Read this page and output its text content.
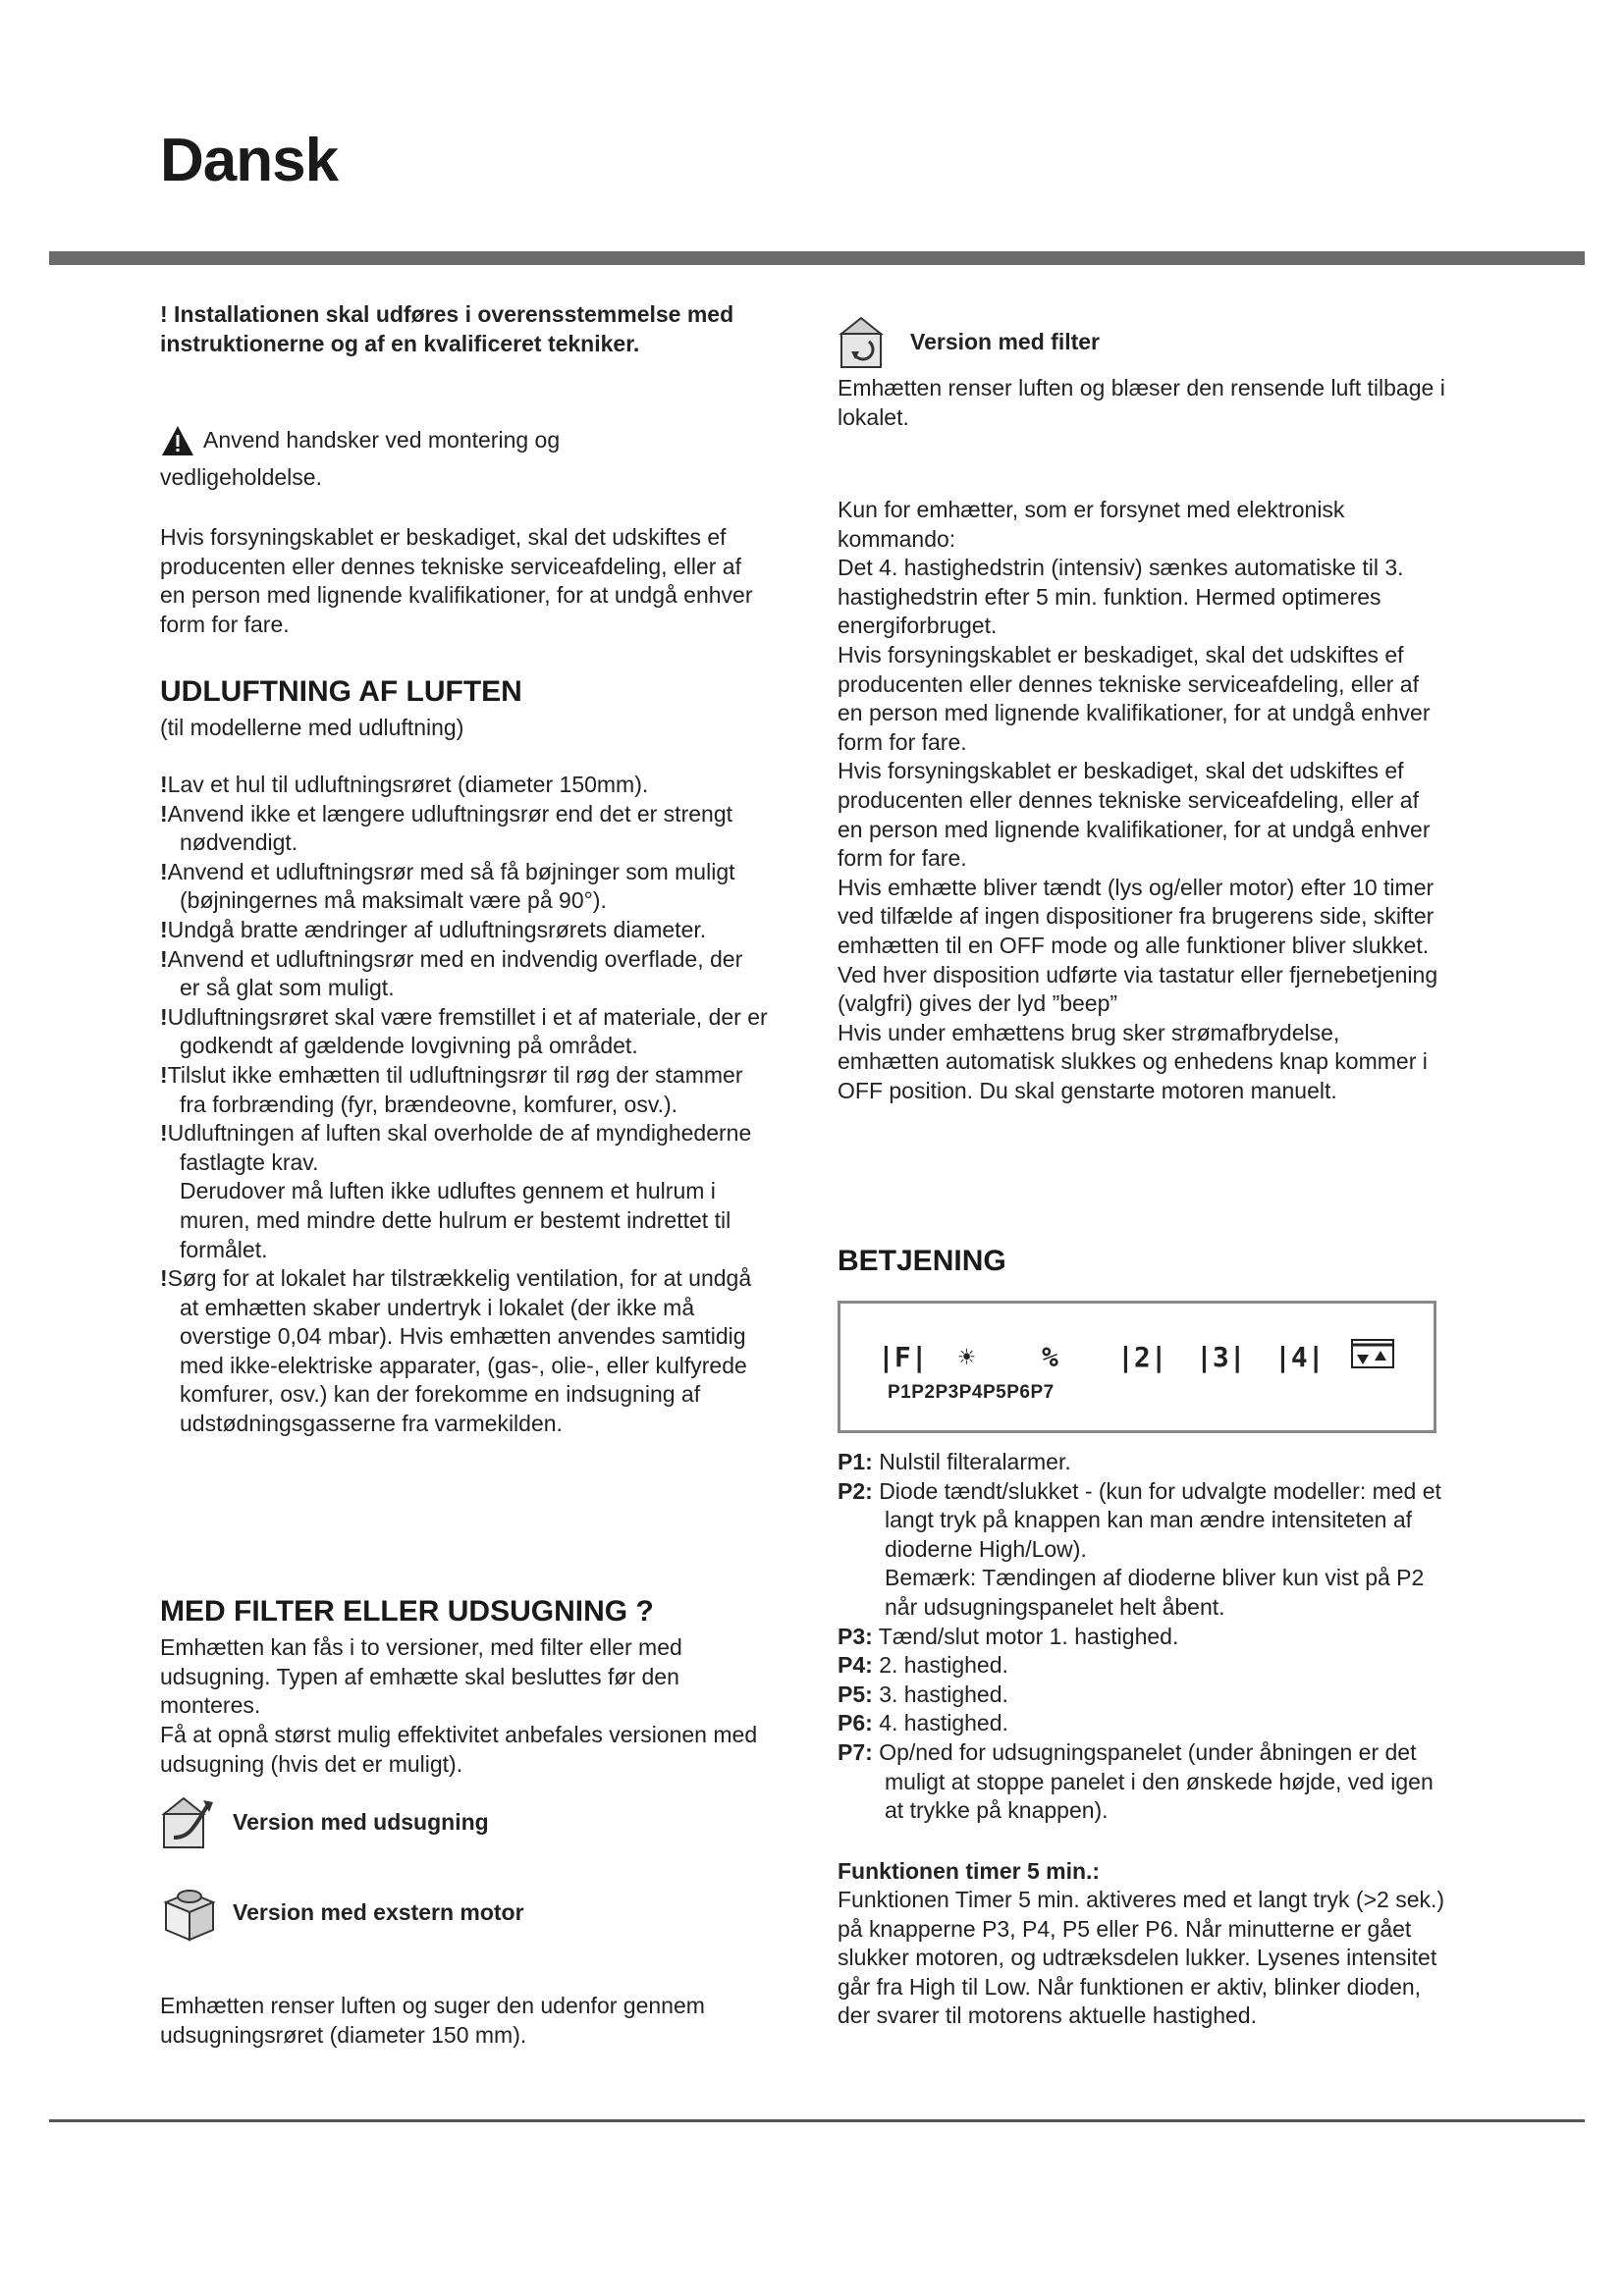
Dansk

! Installationen skal udføres i overensstemmelse med instruktionerne og af en kvalificeret tekniker.

Anvend handsker ved montering og

vedligeholdelse.

Hvis forsyningskablet er beskadiget, skal det udskiftes ef producenten eller dennes tekniske serviceafdeling, eller af en person med lignende kvalifikationer, for at undgå enhver form for fare.

UDLUFTNING AF LUFTEN

(til modellerne med udluftning)

!Lav et hul til udluftningsrøret (diameter 150mm).

!Anvend ikke et længere udluftningsrør end det er strengt nødvendigt.

!Anvend et udluftningsrør med så få bøjninger som muligt (bøjningernes må maksimalt være på 90°).

!Undgå bratte ændringer af udluftningsrørets diameter.

!Anvend et udluftningsrør med en indvendig overflade, der er så glat som muligt.

!Udluftningsrøret skal være fremstillet i et af materiale, der er godkendt af gældende lovgivning på området.

!Tilslut ikke emhætten til udluftningsrør til røg der stammer fra forbrænding (fyr, brændeovne, komfurer, osv.).

!Udluftningen af luften skal overholde de af myndighederne fastlagte krav.

Derudover må luften ikke udluftes gennem et hulrum i muren, med mindre dette hulrum er bestemt indrettet til formålet.

!Sørg for at lokalet har tilstrækkelig ventilation, for at undgå at emhætten skaber undertryk i lokalet (der ikke må overstige 0,04 mbar). Hvis emhætten anvendes samtidig med ikke-elektriske apparater, (gas-, olie-, eller kulfyrede komfurer, osv.) kan der forekomme en indsugning af udstødningsgasserne fra varmekilden.

MED FILTER ELLER UDSUGNING ?

Emhætten kan fås i to versioner, med filter eller med udsugning. Typen af emhætte skal besluttes før den monteres.

Få at opnå størst mulig effektivitet anbefales versionen med udsugning (hvis det er muligt).

Version med udsugning
Version med exstern motor

Emhætten renser luften og suger den udenfor gennem udsugningsrøret (diameter 150 mm).

Version med filter

Emhætten renser luften og blæser den rensende luft tilbage i lokalet.

Kun for emhætter, som er forsynet med elektronisk kommando:
Det 4. hastighedstrin (intensiv) sænkes automatiske til 3. hastighedstrin efter 5 min. funktion. Hermed optimeres energiforbruget.
Hvis forsyningskablet er beskadiget, skal det udskiftes ef producenten eller dennes tekniske serviceafdeling, eller af en person med lignende kvalifikationer, for at undgå enhver form for fare.
Hvis forsyningskablet er beskadiget, skal det udskiftes ef producenten eller dennes tekniske serviceafdeling, eller af en person med lignende kvalifikationer, for at undgå enhver form for fare.
Hvis emhætte bliver tændt (lys og/eller motor) efter 10 timer ved tilfælde af ingen dispositioner fra brugerens side, skifter emhætten til en OFF mode og alle funktioner bliver slukket.
Ved hver disposition udførte via tastatur eller fjernebetjening (valgfri) gives der lyd ”beep”
Hvis under emhættens brug sker strømafbrydelse, emhætten automatisk slukkes og enhedens knap kommer i OFF position. Du skal genstarte motoren manuelt.

BETJENING

|F| ☀ % |2| |3| |4|
P1P2P3P4P5P6P7

P1: Nulstil filteralarmer.

P2: Diode tændt/slukket - (kun for udvalgte modeller: med et langt tryk på knappen kan man ændre intensiteten af dioderne High/Low).
Bemærk: Tændingen af dioderne bliver kun vist på P2 når udsugningspanelet helt åbent.

P3: Tænd/slut motor 1. hastighed.

P4: 2. hastighed.

P5: 3. hastighed.

P6: 4. hastighed.

P7: Op/ned for udsugningspanelet (under åbningen er det muligt at stoppe panelet i den ønskede højde, ved igen at trykke på knappen).

Funktionen timer 5 min.:

Funktionen Timer 5 min. aktiveres med et langt tryk (>2 sek.) på knapperne P3, P4, P5 eller P6. Når minutterne er gået slukker motoren, og udtræksdelen lukker. Lysenes intensitet går fra High til Low. Når funktionen er aktiv, blinker dioden, der svarer til motorens aktuelle hastighed.
